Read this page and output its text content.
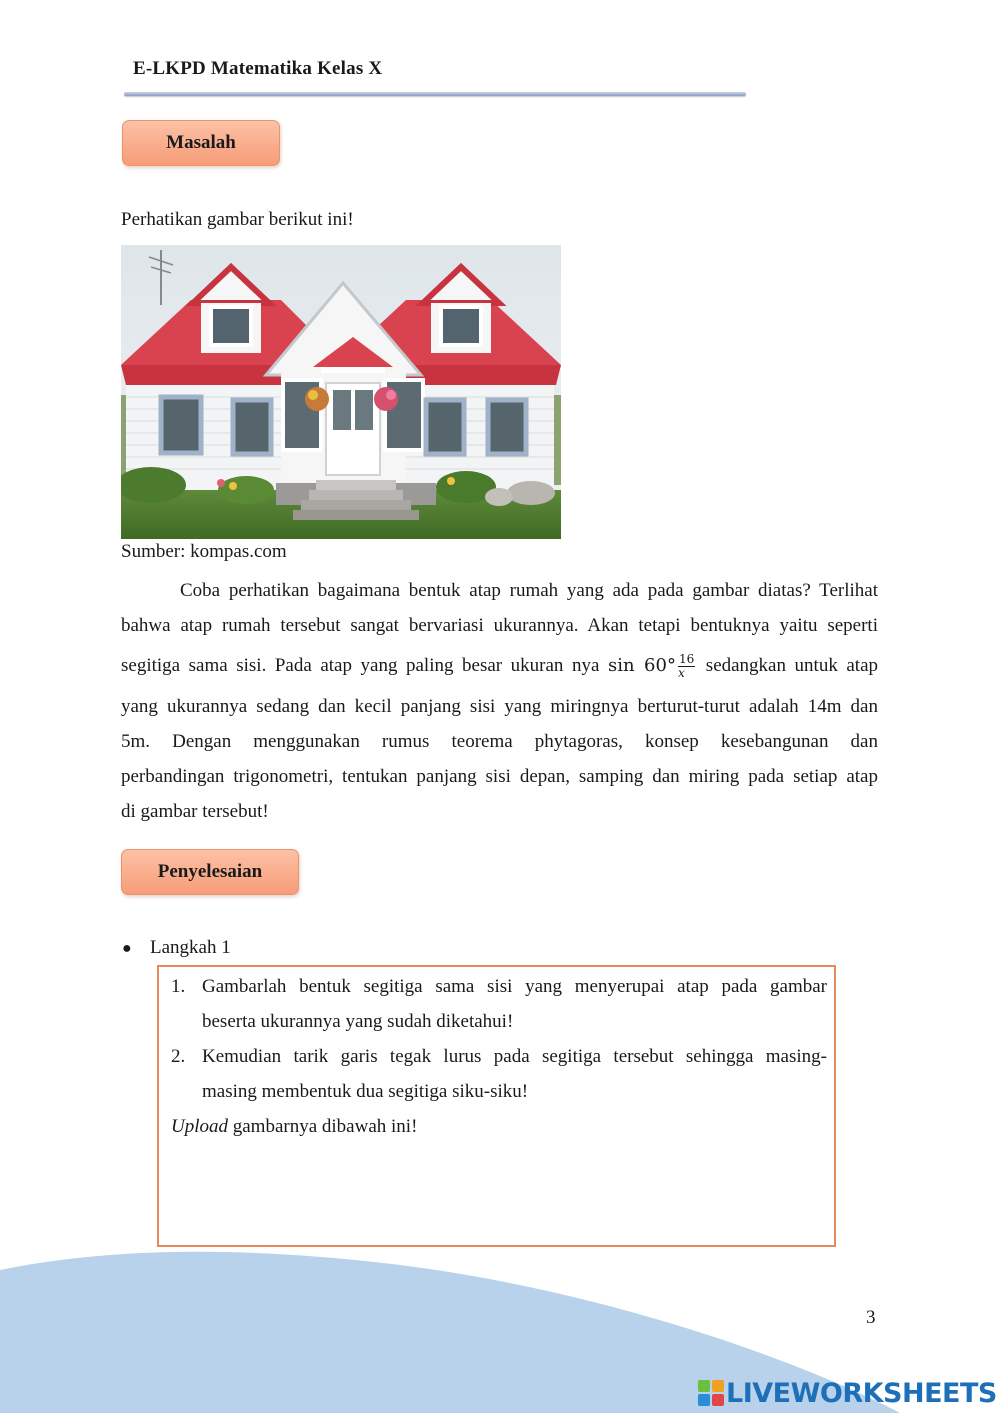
E-LKPD Matematika Kelas X
Masalah
Perhatikan gambar berikut ini!
Sumber: kompas.com
Coba perhatikan bagaimana bentuk atap rumah yang ada pada gambar diatas? Terlihat
bahwa atap rumah tersebut sangat bervariasi ukurannya. Akan tetapi bentuknya yaitu seperti
segitiga sama sisi. Pada atap yang paling besar ukuran nya $\sin 60^\circ \frac{16}{x}$ sedangkan untuk atap
yang ukurannya sedang dan kecil panjang sisi yang miringnya berturut-turut adalah 14m dan
5m. Dengan menggunakan rumus teorema phytagoras, konsep kesebangunan dan
perbandingan trigonometri, tentukan panjang sisi depan, samping dan miring pada setiap atap
di gambar tersebut!
Penyelesaian
● Langkah 1
1. Gambarlah bentuk segitiga sama sisi yang menyerupai atap pada gambar
beserta ukurannya yang sudah diketahui!
2. Kemudian tarik garis tegak lurus pada segitiga tersebut sehingga masing-
masing membentuk dua segitiga siku-siku!
Upload gambarnya dibawah ini!
3
LIVEWORKSHEETS
